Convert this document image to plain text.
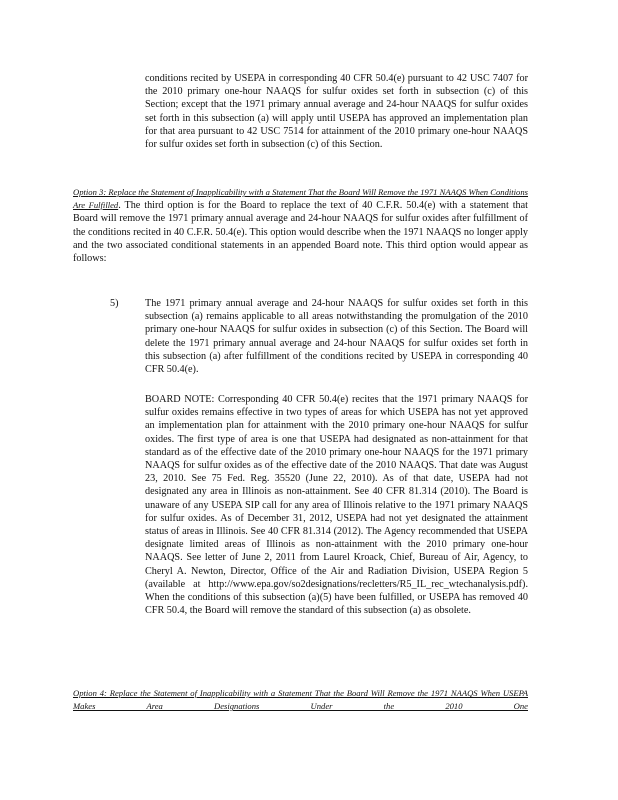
conditions recited by USEPA in corresponding 40 CFR 50.4(e) pursuant to 42 USC 7407 for the 2010 primary one-hour NAAQS for sulfur oxides set forth in subsection (c) of this Section; except that the 1971 primary annual average and 24-hour NAAQS for sulfur oxides set forth in this subsection (a) will apply until USEPA has approved an implementation plan for that area pursuant to 42 USC 7514 for attainment of the 2010 primary one-hour NAAQS for sulfur oxides set forth in subsection (c) of this Section.

Option 3: Replace the Statement of Inapplicability with a Statement That the Board Will Remove the 1971 NAAQS When Conditions Are Fulfilled. The third option is for the Board to replace the text of 40 C.F.R. 50.4(e) with a statement that Board will remove the 1971 primary annual average and 24-hour NAAQS for sulfur oxides after fulfillment of the conditions recited in 40 C.F.R. 50.4(e). This option would describe when the 1971 NAAQS no longer apply and the two associated conditional statements in an appended Board note. This third option would appear as follows:

5)	The 1971 primary annual average and 24-hour NAAQS for sulfur oxides set forth in this subsection (a) remains applicable to all areas notwithstanding the promulgation of the 2010 primary one-hour NAAQS for sulfur oxides in subsection (c) of this Section. The Board will delete the 1971 primary annual average and 24-hour NAAQS for sulfur oxides set forth in this subsection (a) after fulfillment of the conditions recited by USEPA in corresponding 40 CFR 50.4(e).

BOARD NOTE: Corresponding 40 CFR 50.4(e) recites that the 1971 primary NAAQS for sulfur oxides remains effective in two types of areas for which USEPA has not yet approved an implementation plan for attainment with the 2010 primary one-hour NAAQS for sulfur oxides. The first type of area is one that USEPA had designated as non-attainment for that standard as of the effective date of the 2010 primary one-hour NAAQS for the 1971 primary NAAQS for sulfur oxides as of the effective date of the 2010 NAAQS. That date was August 23, 2010. See 75 Fed. Reg. 35520 (June 22, 2010). As of that date, USEPA had not designated any area in Illinois as non-attainment. See 40 CFR 81.314 (2010). The Board is unaware of any USEPA SIP call for any area of Illinois relative to the 1971 primary NAAQS for sulfur oxides. As of December 31, 2012, USEPA had not yet designated the attainment status of areas in Illinois. See 40 CFR 81.314 (2012). The Agency recommended that USEPA designate limited areas of Illinois as non-attainment with the 2010 primary one-hour NAAQS. See letter of June 2, 2011 from Laurel Kroack, Chief, Bureau of Air, Agency, to Cheryl A. Newton, Director, Office of the Air and Radiation Division, USEPA Region 5 (available at http://www.epa.gov/so2designations/recletters/R5_IL_rec_wtechanalysis.pdf). When the conditions of this subsection (a)(5) have been fulfilled, or USEPA has removed 40 CFR 50.4, the Board will remove the standard of this subsection (a) as obsolete.

Option 4: Replace the Statement of Inapplicability with a Statement That the Board Will Remove the 1971 NAAQS When USEPA Makes Area Designations Under the 2010 One
